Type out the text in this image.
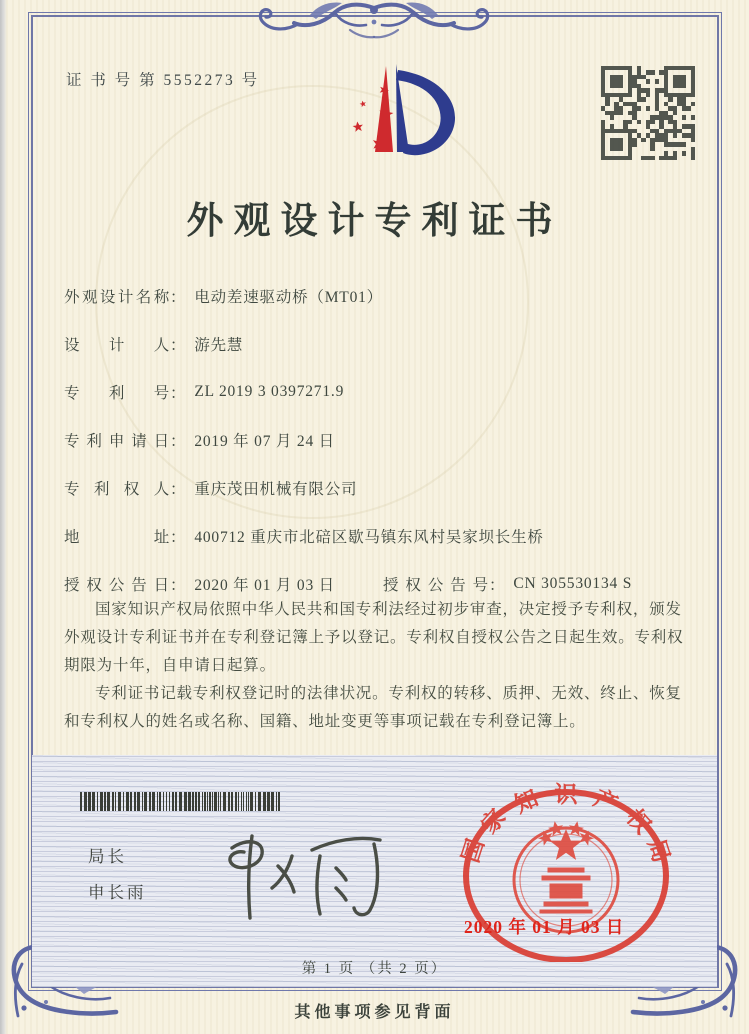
证 书 号 第 5552273 号
外观设计专利证书
外观设计名称 ： 电动差速驱动桥（MT01）
设计人 ： 游先慧
专利号 ： ZL 2019 3 0397271.9
专利申请日 ： 2019 年 07 月 24 日
专利权人 ： 重庆茂田机械有限公司
地址 ： 400712 重庆市北碚区歇马镇东风村吴家坝长生桥
授权公告日 ： 2020 年 01 月 03 日	授权公告号 ： CN 305530134 S

国家知识产权局依照中华人民共和国专利法经过初步审查，决定授予专利权，颁发外观设计专利证书并在专利登记簿上予以登记。专利权自授权公告之日起生效。专利权期限为十年，自申请日起算。

专利证书记载专利权登记时的法律状况。专利权的转移、质押、无效、终止、恢复和专利权人的姓名或名称、国籍、地址变更等事项记载在专利登记簿上。

局长
申长雨
国
家
知 识 产
权
局
2020 年 01 月 03 日
第 1 页 （共 2 页）
其他事项参见背面
